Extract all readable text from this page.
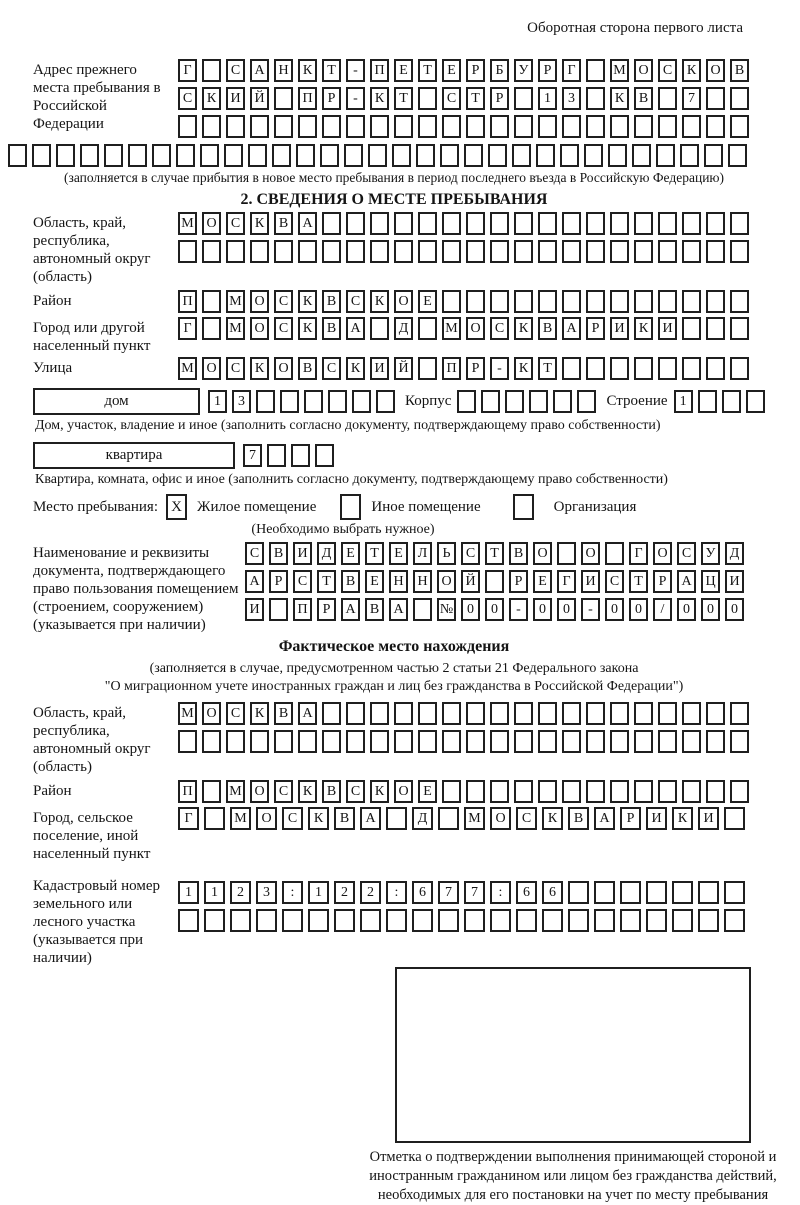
Оборотная сторона первого листа
Адрес прежнего места пребывания в Российской Федерации
Г	С	А Н	К	Т	-	П	Е	Т	Е	Р	Б	У	Р	Г	М О	С	К	О	В
С	К	И Й	П	Р	-	К	Т	С	Т	Р	1	3	К	В	7
(заполняется в случае прибытия в новое место пребывания в период последнего въезда в Российскую Федерацию)
2. СВЕДЕНИЯ О МЕСТЕ ПРЕБЫВАНИЯ
Область, край, республика, автономный округ (область)
М О	С	К	В	А
Район	П	М О	С	К	В	С	К	О	Е
Город или другой населенный пункт
Г	М О	С	К	В	А	Д	М О	С	К	В	А	Р	И	К	И
Улица	М О	С	К	О	В	С	К	И Й	П	Р	-	К	Т
дом	1	3	Корпус	Строение 1
Дом, участок, владение и иное (заполнить согласно документу, подтверждающему право собственности)
квартира	7
Квартира, комната, офис и иное (заполнить согласно документу, подтверждающему право собственности)
Место пребывания: X	Жилое помещение	Иное помещение	Организация
(Необходимо выбрать нужное)
Наименование и реквизиты документа, подтверждающего право пользования помещением (строением, сооружением) (указывается при наличии)
С	В	И	Д	Е	Т	Е	Л	Ь	С	Т	В	О	О	Г	О	С	У	Д
А	Р	С	Т	В	Е	Н Н О Й	Р	Е	Г	И	С	Т	Р	А Ц И
И	П	Р	А	В	А	№ 0	0	-	0	0	-	0	0	/	0	0	0
Фактическое место нахождения
(заполняется в случае, предусмотренном частью 2 статьи 21 Федерального закона
"О миграционном учете иностранных граждан и лиц без гражданства в Российской Федерации")
Область, край, республика, автономный округ (область)
М О	С	К	В	А
Район	П	М О	С	К	В	С	К	О	Е
Город, сельское поселение, иной населенный пункт
Г	М	О	С	К	В	А	Д	М	О	С	К	В	А	Р	И	К	И
Кадастровый номер земельного или лесного участка (указывается при наличии)
1	1	2	3	:	1	2	2	:	6	7	7	:	6	6
Отметка о подтверждении выполнения принимающей стороной и иностранным гражданином или лицом без гражданства действий, необходимых для его постановки на учет по месту пребывания
